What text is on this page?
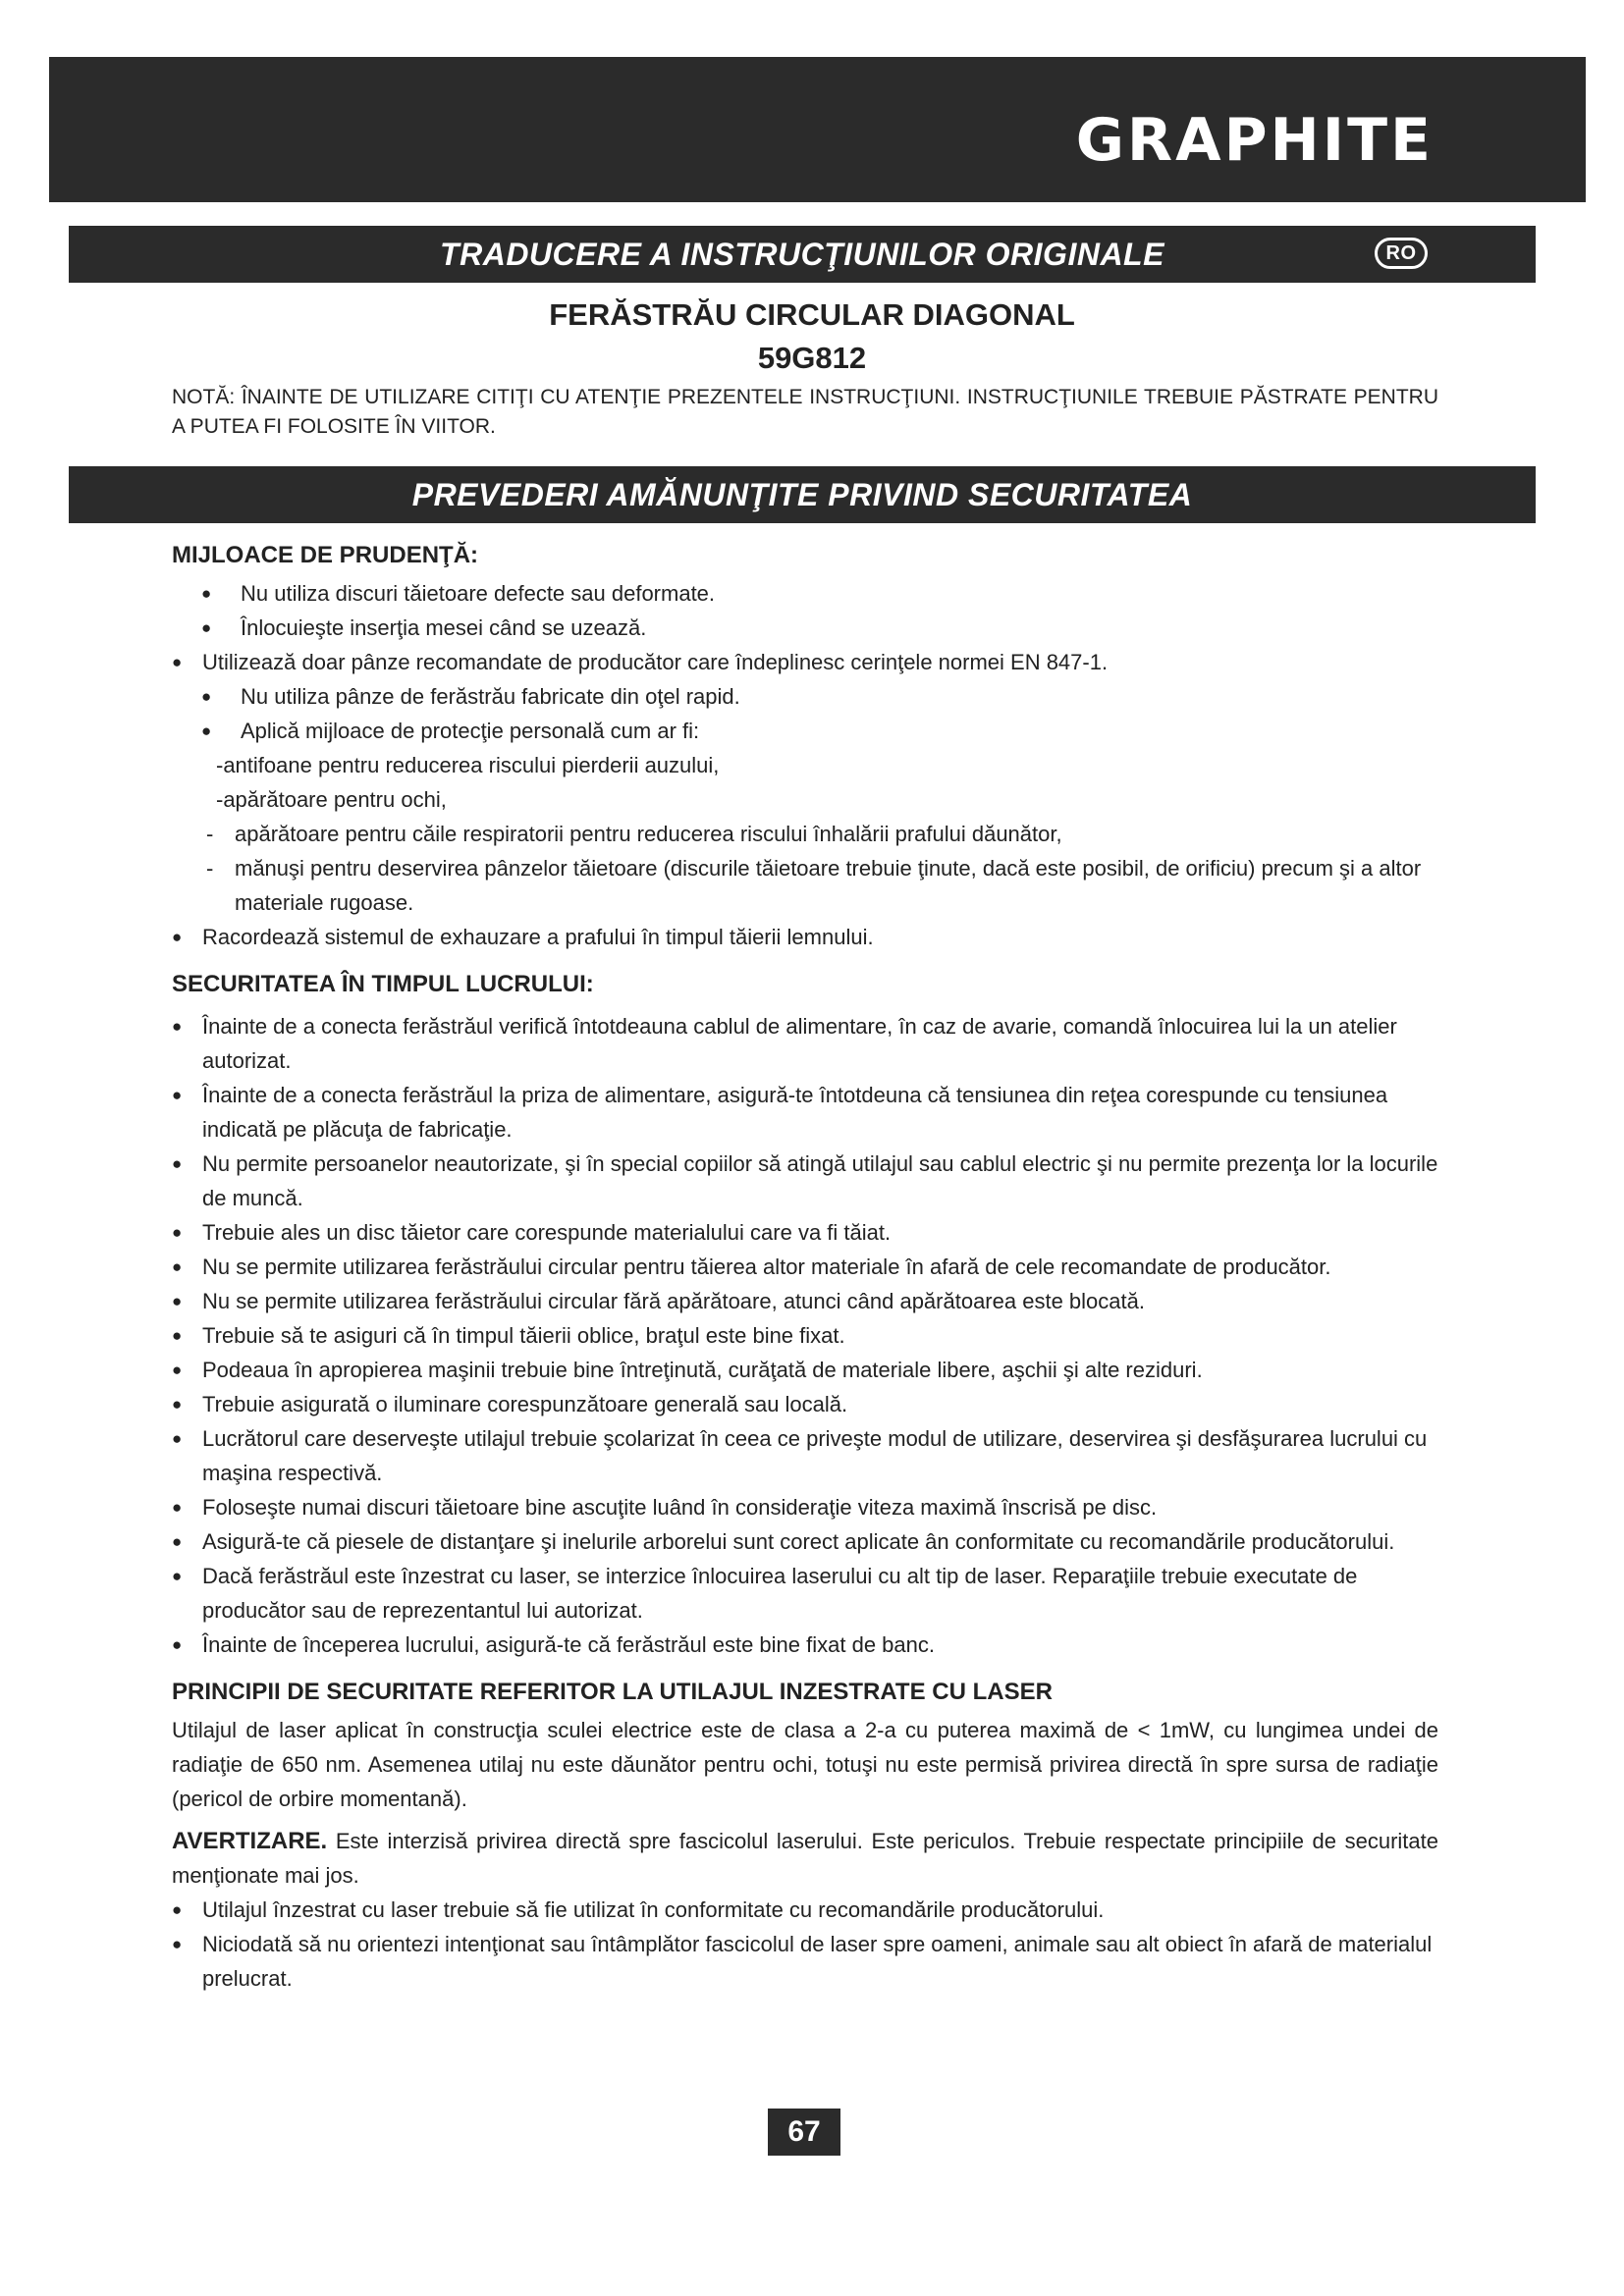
GRAPHITE
TRADUCERE A INSTRUCŢIUNILOR ORIGINALE	RO
FERĂSTRĂU CIRCULAR DIAGONAL
59G812

NOTĂ: ÎNAINTE DE UTILIZARE CITIŢI CU ATENŢIE PREZENTELE INSTRUCŢIUNI. INSTRUCŢIUNILE TREBUIE PĂSTRATE PENTRU A PUTEA FI FOLOSITE ÎN VIITOR.

PREVEDERI AMĂNUNŢITE PRIVIND SECURITATEA
MIJLOACE DE PRUDENŢĂ:
● Nu utiliza discuri tăietoare defecte sau deformate.
● Înlocuieşte inserţia mesei când se uzează.
● Utilizează doar pânze recomandate de producător care îndeplinesc cerinţele normei EN 847-1.
● Nu utiliza pânze de ferăstrău fabricate din oţel rapid.
● Aplică mijloace de protecţie personală cum ar fi:
-antifoane pentru reducerea riscului pierderii auzului,
-apărătoare pentru ochi,
- apărătoare pentru căile respiratorii pentru reducerea riscului înhalării prafului dăunător,
- mănuşi pentru deservirea pânzelor tăietoare (discurile tăietoare trebuie ţinute, dacă este posibil, de orificiu) precum şi a altor materiale rugoase.
● Racordează sistemul de exhauzare a prafului în timpul tăierii lemnului.
SECURITATEA ÎN TIMPUL LUCRULUI:
● Înainte de a conecta ferăstrăul verifică întotdeauna cablul de alimentare, în caz de avarie, comandă înlocuirea lui la un atelier autorizat.
● Înainte de a conecta ferăstrăul la priza de alimentare, asigură-te întotdeuna că tensiunea din reţea corespunde cu tensiunea indicată pe plăcuţa de fabricaţie.
● Nu permite persoanelor neautorizate, şi în special copiilor să atingă utilajul sau cablul electric şi nu permite prezenţa lor la locurile de muncă.
● Trebuie ales un disc tăietor care corespunde materialului care va fi tăiat.
● Nu se permite utilizarea ferăstrăului circular pentru tăierea altor materiale în afară de cele recomandate de producător.
● Nu se permite utilizarea ferăstrăului circular fără apărătoare, atunci când apărătoarea este blocată.
● Trebuie să te asiguri că în timpul tăierii oblice, braţul este bine fixat.
● Podeaua în apropierea maşinii trebuie bine întreţinută, curăţată de materiale libere, aşchii şi alte reziduri.
● Trebuie asigurată o iluminare corespunzătoare generală sau locală.
● Lucrătorul care deserveşte utilajul trebuie şcolarizat în ceea ce priveşte modul de utilizare, deservirea şi desfăşurarea lucrului cu maşina respectivă.
● Foloseşte numai discuri tăietoare bine ascuţite luând în consideraţie viteza maximă înscrisă pe disc.
● Asigură-te că piesele de distanţare şi inelurile arborelui sunt corect aplicate ân conformitate cu recomandările producătorului.
● Dacă ferăstrăul este înzestrat cu laser, se interzice înlocuirea laserului cu alt tip de laser. Reparaţiile trebuie executate de producător sau de reprezentantul lui autorizat.
● Înainte de începerea lucrului, asigură-te că ferăstrăul este bine fixat de banc.
PRINCIPII DE SECURITATE REFERITOR LA UTILAJUL INZESTRATE CU LASER

Utilajul de laser aplicat în construcţia sculei electrice este de clasa a 2-a cu puterea maximă de < 1mW, cu lungimea undei de radiaţie de 650 nm. Asemenea utilaj nu este dăunător pentru ochi, totuşi nu este permisă privirea directă în spre sursa de radiaţie (pericol de orbire momentană).

AVERTIZARE. Este interzisă privirea directă spre fascicolul laserului. Este periculos. Trebuie respectate principiile de securitate menţionate mai jos.

● Utilajul înzestrat cu laser trebuie să fie utilizat în conformitate cu recomandările producătorului.
● Niciodată să nu orientezi intenţionat sau întâmplător fascicolul de laser spre oameni, animale sau alt obiect în afară de materialul prelucrat.
67
